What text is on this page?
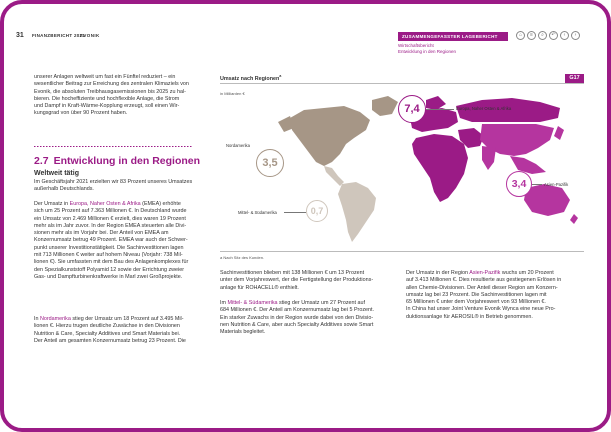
31 FINANZBERICHT 2021
EVONIK	ZUSAMMENGEFASSTER LAGEBERICHT
Wirtschaftsbericht
Entwicklung in den Regionen
⌂	≡	⌕	↶	‹	›
unserer Anlagen weltweit um fast ein Fünftel reduziert – ein
wesentlicher Beitrag zur Erreichung des zentralen Klimaziels von
Evonik, die absoluten Treibhausgasemissionen bis 2025 zu hal-
bieren. Die hocheffiziente und hochflexible Anlage, die Strom
und Dampf in Kraft-Wärme-Kopplung erzeugt, soll einen Wir-
kungsgrad von über 90 Prozent haben.
2.7 Entwicklung in den Regionen
Weltweit tätig
Im Geschäftsjahr 2021 erzielten wir 83 Prozent unseres Umsatzes
außerhalb Deutschlands.
Der Umsatz in Europa, Naher Osten & Afrika (EMEA) erhöhte
sich um 25 Prozent auf 7.363 Millionen €. In Deutschland wurde
ein Umsatz von 2.469 Millionen € erzielt, dies waren 19 Prozent
mehr als im Jahr zuvor. In der Region EMEA steuerten alle Divi-
sionen mehr als im Vorjahr bei. Der Anteil von EMEA am
Konzernumsatz betrug 49 Prozent. EMEA war auch der Schwer-
punkt unserer Investitionstätigkeit. Die Sachinvestitionen lagen
mit 713 Millionen € weiter auf hohem Niveau (Vorjahr: 738 Mil-
lionen €). Sie umfassten mit dem Bau des Anlagenkomplexes für
den Spezialkunststoff Polyamid 12 sowie der Errichtung zweier
Gas- und Dampfturbinenkraftwerke in Marl zwei Großprojekte.
In Nordamerika stieg der Umsatz um 18 Prozent auf 3.495 Mil-
lionen €. Hierzu trugen deutliche Zuwächse in den Divisionen
Nutrition & Care, Specialty Additives und Smart Materials bei.
Der Anteil am gesamten Konzernumsatz betrug 23 Prozent. Die
Umsatz nach Regionen$^a$	G17
in Milliarden €
7,4
3,5
3,4
0,7
Europa, Naher Osten & Afrika
Nordamerika
Asien-Pazifik
Mittel- & Südamerika
a Nach Sitz des Kunden.
Sachinvestitionen blieben mit 138 Millionen € um 13 Prozent
unter dem Vorjahreswert, der die Fertigstellung der Produktions-
anlage für ROHACELL® enthielt.
Im Mittel- & Südamerika stieg der Umsatz um 27 Prozent auf
684 Millionen €. Der Anteil am Konzernumsatz lag bei 5 Prozent.
Ein starker Zuwachs in der Region wurde dabei von den Divisio-
nen Nutrition & Care, aber auch Specialty Additives sowie Smart
Materials begleitet.
Der Umsatz in der Region Asien-Pazifik wuchs um 20 Prozent
auf 3.413 Millionen €. Dies resultierte aus gestiegenen Erlösen in
allen Chemie-Divisionen. Der Anteil dieser Region am Konzern-
umsatz lag bei 23 Prozent. Die Sachinvestitionen lagen mit
65 Millionen € unter dem Vorjahreswert von 93 Millionen €.
In China hat unser Joint Venture Evonik Wynca eine neue Pro-
duktionsanlage für AEROSIL® in Betrieb genommen.
